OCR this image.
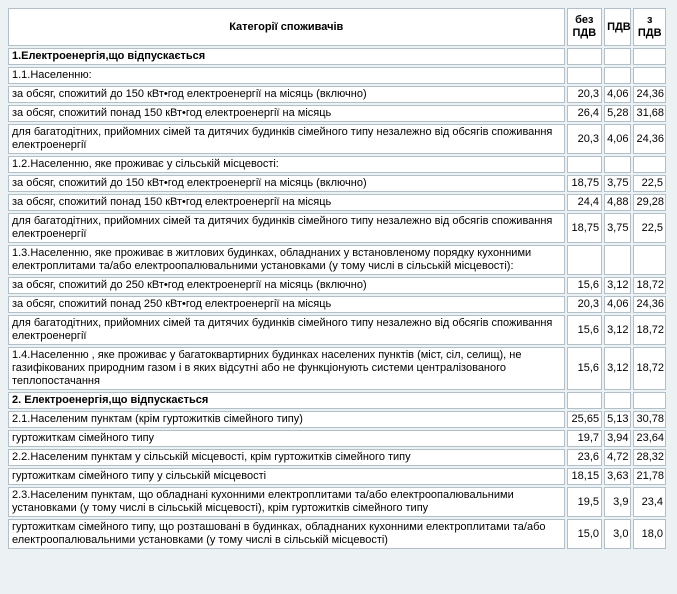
Категорії споживачів	без ПДВ	ПДВ	з ПДВ
1.Електроенергія,що відпускається			
1.1.Населенню:			
за обсяг, спожитий до 150 кВт•год електроенергії на місяць (включно)	20,3	4,06	24,36
за обсяг, спожитий понад 150 кВт•год електроенергії на місяць	26,4	5,28	31,68
для багатодітних, прийомних сімей та дитячих будинків сімейного типу незалежно від обсягів споживання електроенергії	20,3	4,06	24,36
1.2.Населенню, яке проживає у сільській місцевості:			
за обсяг, спожитий до 150 кВт•год електроенергії на місяць (включно)	18,75	3,75	22,5
за обсяг, спожитий понад 150 кВт•год електроенергії на місяць	24,4	4,88	29,28
для багатодітних, прийомних сімей та дитячих будинків сімейного типу незалежно від обсягів споживання електроенергії	18,75	3,75	22,5
1.3.Населенню, яке проживає в житлових будинках, обладнаних у встановленому порядку кухонними електроплитами та/або електроопалювальними установками (у тому числі в сільській місцевості):			
за обсяг, спожитий до 250 кВт•год електроенергії на місяць (включно)	15,6	3,12	18,72
за обсяг, спожитий понад 250 кВт•год електроенергії на місяць	20,3	4,06	24,36
для багатодітних, прийомних сімей та дитячих будинків сімейного типу незалежно від обсягів споживання електроенергії	15,6	3,12	18,72
1.4.Населенню , яке проживає у багатоквартирних будинках населених пунктів (міст, сіл, селищ), не газифікованих природним газом і в яких відсутні або не функціонують системи централізованого теплопостачання	15,6	3,12	18,72
2. Електроенергія,що відпускається			
2.1.Населеним пунктам (крім гуртожитків сімейного типу)	25,65	5,13	30,78
гуртожиткам сімейного типу	19,7	3,94	23,64
2.2.Населеним пунктам у сільській місцевості, крім гуртожитків сімейного типу	23,6	4,72	28,32
гуртожиткам сімейного типу у сільській місцевості	18,15	3,63	21,78
2.3.Населеним пунктам, що обладнані кухонними електроплитами та/або електроопалювальними установками (у тому числі в сільській місцевості), крім гуртожитків сімейного типу	19,5	3,9	23,4
гуртожиткам сімейного типу, що розташовані в будинках, обладнаних кухонними електроплитами та/або електроопалювальними установками (у тому числі в сільській місцевості)	15,0	3,0	18,0
